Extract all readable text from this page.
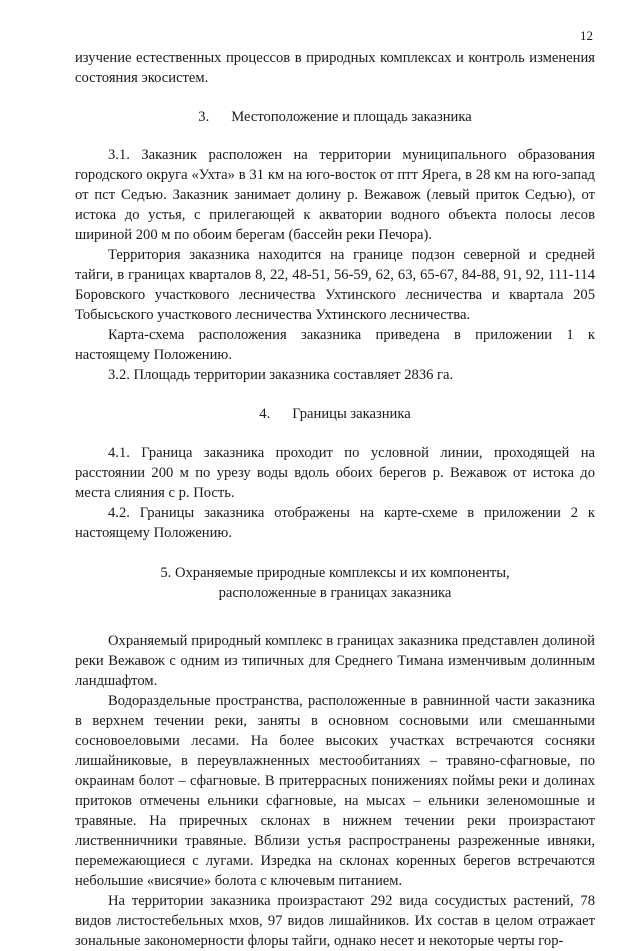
12

изучение естественных процессов в природных комплексах и контроль изменения состояния экосистем.

3. Местоположение и площадь заказника

3.1. Заказник расположен на территории муниципального образования городского округа «Ухта» в 31 км на юго-восток от птт Ярега, в 28 км на юго-запад от пст Седъю. Заказник занимает долину р. Вежавож (левый приток Седъю), от истока до устья, с прилегающей к акватории водного объекта полосы лесов шириной 200 м по обоим берегам (бассейн реки Печора).

Территория заказника находится на границе подзон северной и средней тайги, в границах кварталов 8, 22, 48-51, 56-59, 62, 63, 65-67, 84-88, 91, 92, 111-114 Боровского участкового лесничества Ухтинского лесничества и квартала 205 Тобысьского участкового лесничества Ухтинского лесничества.

Карта-схема расположения заказника приведена в приложении 1 к настоящему Положению.

3.2. Площадь территории заказника составляет 2836 га.

4. Границы заказника

4.1. Граница заказника проходит по условной линии, проходящей на расстоянии 200 м по урезу воды вдоль обоих берегов р. Вежавож от истока до места слияния с р. Пость.

4.2. Границы заказника отображены на карте-схеме в приложении 2 к настоящему Положению.

5. Охраняемые природные комплексы и их компоненты,
расположенные в границах заказника

Охраняемый природный комплекс в границах заказника представлен долиной реки Вежавож с одним из типичных для Среднего Тимана изменчивым долинным ландшафтом.

Водораздельные пространства, расположенные в равнинной части заказника в верхнем течении реки, заняты в основном сосновыми или смешанными сосновоеловыми лесами. На более высоких участках встречаются сосняки лишайниковые, в переувлажненных местообитаниях – травяно-сфагновые, по окраинам болот – сфагновые. В притеррасных понижениях поймы реки и долинах притоков отмечены ельники сфагновые, на мысах – ельники зеленомошные и травяные. На приречных склонах в нижнем течении реки произрастают лиственничники травяные. Вблизи устья распространены разреженные ивняки, перемежающиеся с лугами. Изредка на склонах коренных берегов встречаются небольшие «висячие» болота с ключевым питанием.

На территории заказника произрастают 292 вида сосудистых растений, 78 видов листостебельных мхов, 97 видов лишайников. Их состав в целом отражает зональные закономерности флоры тайги, однако несет и некоторые черты гор-
